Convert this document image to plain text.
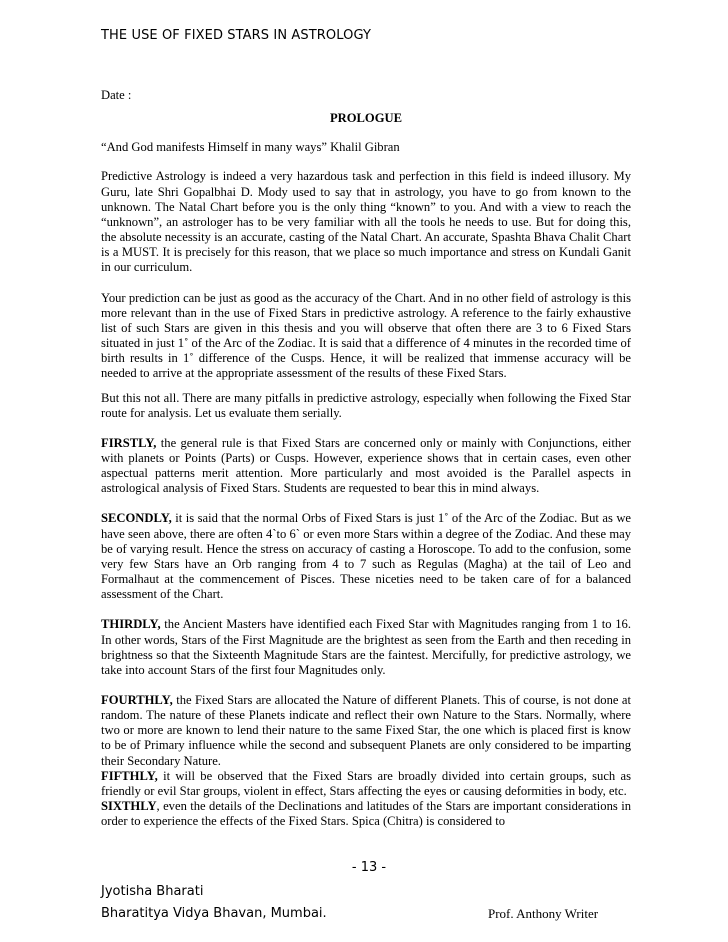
THE USE OF FIXED STARS IN ASTROLOGY

Date :

PROLOGUE

“And God manifests Himself in many ways” Khalil Gibran

Predictive Astrology is indeed a very hazardous task and perfection in this field is indeed illusory. My Guru, late Shri Gopalbhai D. Mody used to say that in astrology, you have to go from known to the unknown. The Natal Chart before you is the only thing “known” to you. And with a view to reach the “unknown”, an astrologer has to be very familiar with all the tools he needs to use. But for doing this, the absolute necessity is an accurate, casting of the Natal Chart. An accurate, Spashta Bhava Chalit Chart is a MUST. It is precisely for this reason, that we place so much importance and stress on Kundali Ganit in our curriculum.

Your prediction can be just as good as the accuracy of the Chart. And in no other field of astrology is this more relevant than in the use of Fixed Stars in predictive astrology. A reference to the fairly exhaustive list of such Stars are given in this thesis and you will observe that often there are 3 to 6 Fixed Stars situated in just 1˚ of the Arc of the Zodiac. It is said that a difference of 4 minutes in the recorded time of birth results in 1˚ difference of the Cusps. Hence, it will be realized that immense accuracy will be needed to arrive at the appropriate assessment of the results of these Fixed Stars.

But this not all. There are many pitfalls in predictive astrology, especially when following the Fixed Star route for analysis. Let us evaluate them serially.

FIRSTLY, the general rule is that Fixed Stars are concerned only or mainly with Conjunctions, either with planets or Points (Parts) or Cusps. However, experience shows that in certain cases, even other aspectual patterns merit attention. More particularly and most avoided is the Parallel aspects in astrological analysis of Fixed Stars. Students are requested to bear this in mind always.

SECONDLY, it is said that the normal Orbs of Fixed Stars is just 1˚ of the Arc of the Zodiac. But as we have seen above, there are often 4`to 6` or even more Stars within a degree of the Zodiac. And these may be of varying result. Hence the stress on accuracy of casting a Horoscope. To add to the confusion, some very few Stars have an Orb ranging from 4 to 7 such as Regulas (Magha) at the tail of Leo and Formalhaut at the commencement of Pisces. These niceties need to be taken care of for a balanced assessment of the Chart.

THIRDLY, the Ancient Masters have identified each Fixed Star with Magnitudes ranging from 1 to 16. In other words, Stars of the First Magnitude are the brightest as seen from the Earth and then receding in brightness so that the Sixteenth Magnitude Stars are the faintest. Mercifully, for predictive astrology, we take into account Stars of the first four Magnitudes only.

FOURTHLY, the Fixed Stars are allocated the Nature of different Planets. This of course, is not done at random. The nature of these Planets indicate and reflect their own Nature to the Stars. Normally, where two or more are known to lend their nature to the same Fixed Star, the one which is placed first is know to be of Primary influence while the second and subsequent Planets are only considered to be imparting their Secondary Nature.

FIFTHLY, it will be observed that the Fixed Stars are broadly divided into certain groups, such as friendly or evil Star groups, violent in effect, Stars affecting the eyes or causing deformities in body, etc.

SIXTHLY, even the details of the Declinations and latitudes of the Stars are important considerations in order to experience the effects of the Fixed Stars. Spica (Chitra) is considered to

- 13 -
Jyotisha Bharati
Bharatitya Vidya Bhavan, Mumbai.	Prof. Anthony Writer
